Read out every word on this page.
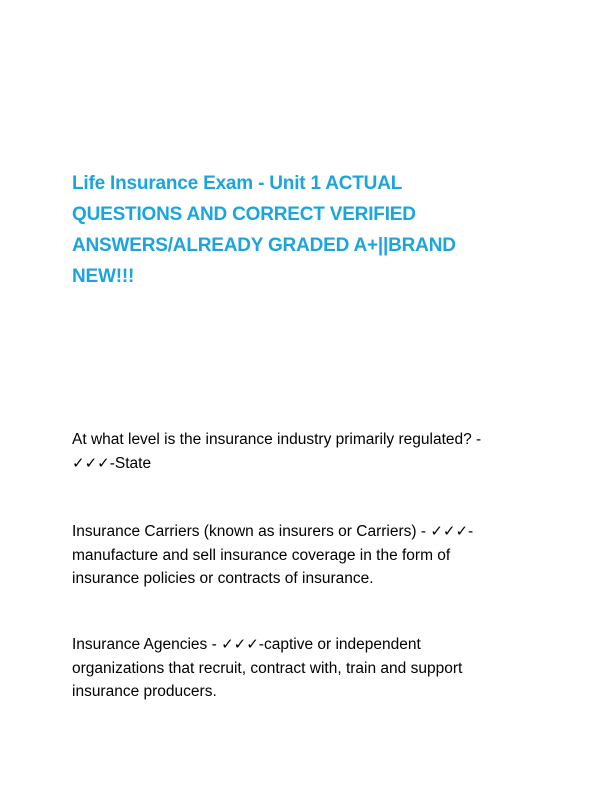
Life Insurance Exam - Unit 1 ACTUAL QUESTIONS AND CORRECT VERIFIED ANSWERS/ALREADY GRADED A+||BRAND NEW!!!

At what level is the insurance industry primarily regulated? - ✓✓✓-State

Insurance Carriers (known as insurers or Carriers) - ✓✓✓-manufacture and sell insurance coverage in the form of insurance policies or contracts of insurance.

Insurance Agencies - ✓✓✓-captive or independent organizations that recruit, contract with, train and support insurance producers.
